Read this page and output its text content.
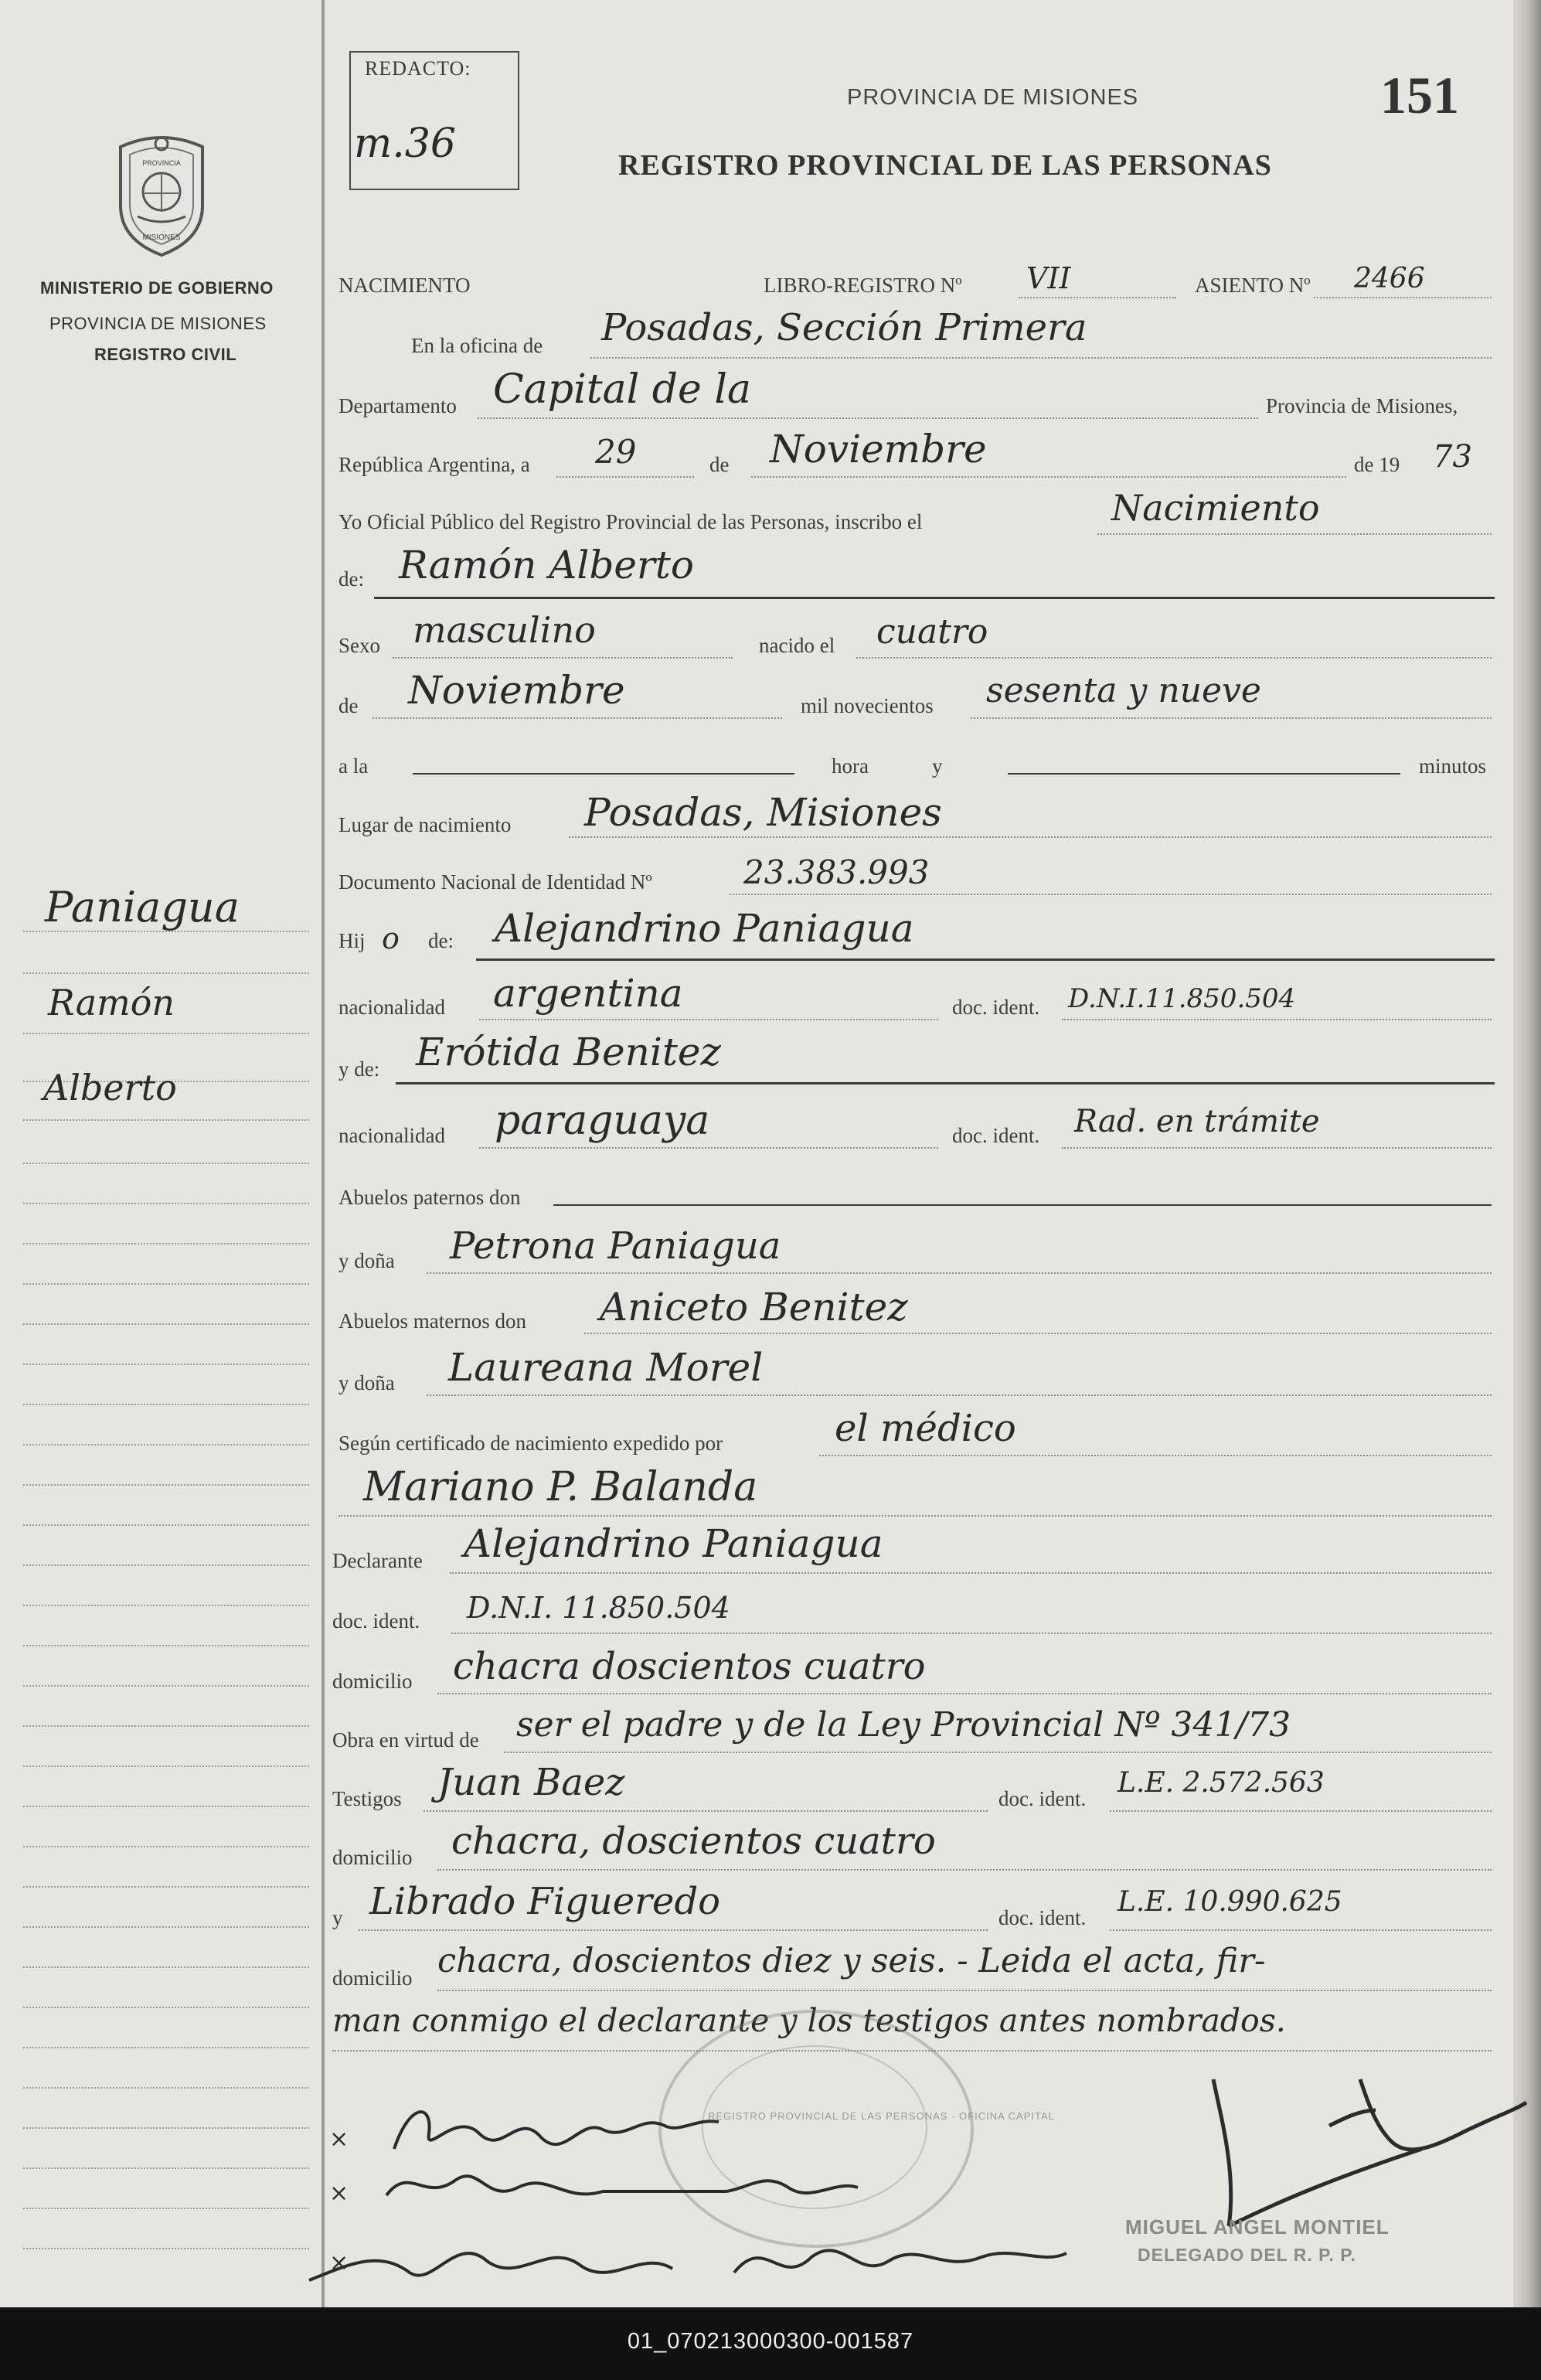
PROVINCIA
MISIONES
MINISTERIO DE GOBIERNO
PROVINCIA DE MISIONES
REGISTRO CIVIL
Paniagua
Ramón
Alberto
REDACTO:
m.36
PROVINCIA DE MISIONES
REGISTRO PROVINCIAL DE LAS PERSONAS
151
NACIMIENTO	LIBRO-REGISTRO Nº VII	ASIENTO Nº 2466
En la oficina de Posadas, Sección Primera
Departamento Capital de la	Provincia de Misiones,
República Argentina, a 29	de Noviembre	de 19 73
Yo Oficial Público del Registro Provincial de las Personas, inscribo el	Nacimiento
de: Ramón Alberto
Sexo masculino	nacido el cuatro
de Noviembre	mil novecientos sesenta y nueve
a la	hora	y	minutos
Lugar de nacimiento Posadas, Misiones
Documento Nacional de Identidad Nº	23.383.993
Hij o de: Alejandrino Paniagua
nacionalidad argentina	doc. ident. D.N.I.11.850.504
y de: Erótida Benitez
nacionalidad paraguaya	doc. ident. Rad. en trámite
Abuelos paternos don
y doña Petrona Paniagua
Abuelos maternos don Aniceto Benitez
y doña Laureana Morel
Según certificado de nacimiento expedido por	el médico
Mariano P. Balanda
Declarante Alejandrino Paniagua
doc. ident. D.N.I. 11.850.504
domicilio chacra doscientos cuatro
Obra en virtud de ser el padre y de la Ley Provincial Nº 341/73
Testigos Juan Baez	doc. ident. L.E. 2.572.563
domicilio chacra, doscientos cuatro
y Librado Figueredo	doc. ident. L.E. 10.990.625
domicilio chacra, doscientos diez y seis. - Leida el acta, fir-
man conmigo el declarante y los testigos antes nombrados.
REGISTRO PROVINCIAL DE LAS PERSONAS · OFICINA CAPITAL
×
×
×
MIGUEL ANGEL MONTIEL
DELEGADO DEL R. P. P.
01_070213000300-001587
